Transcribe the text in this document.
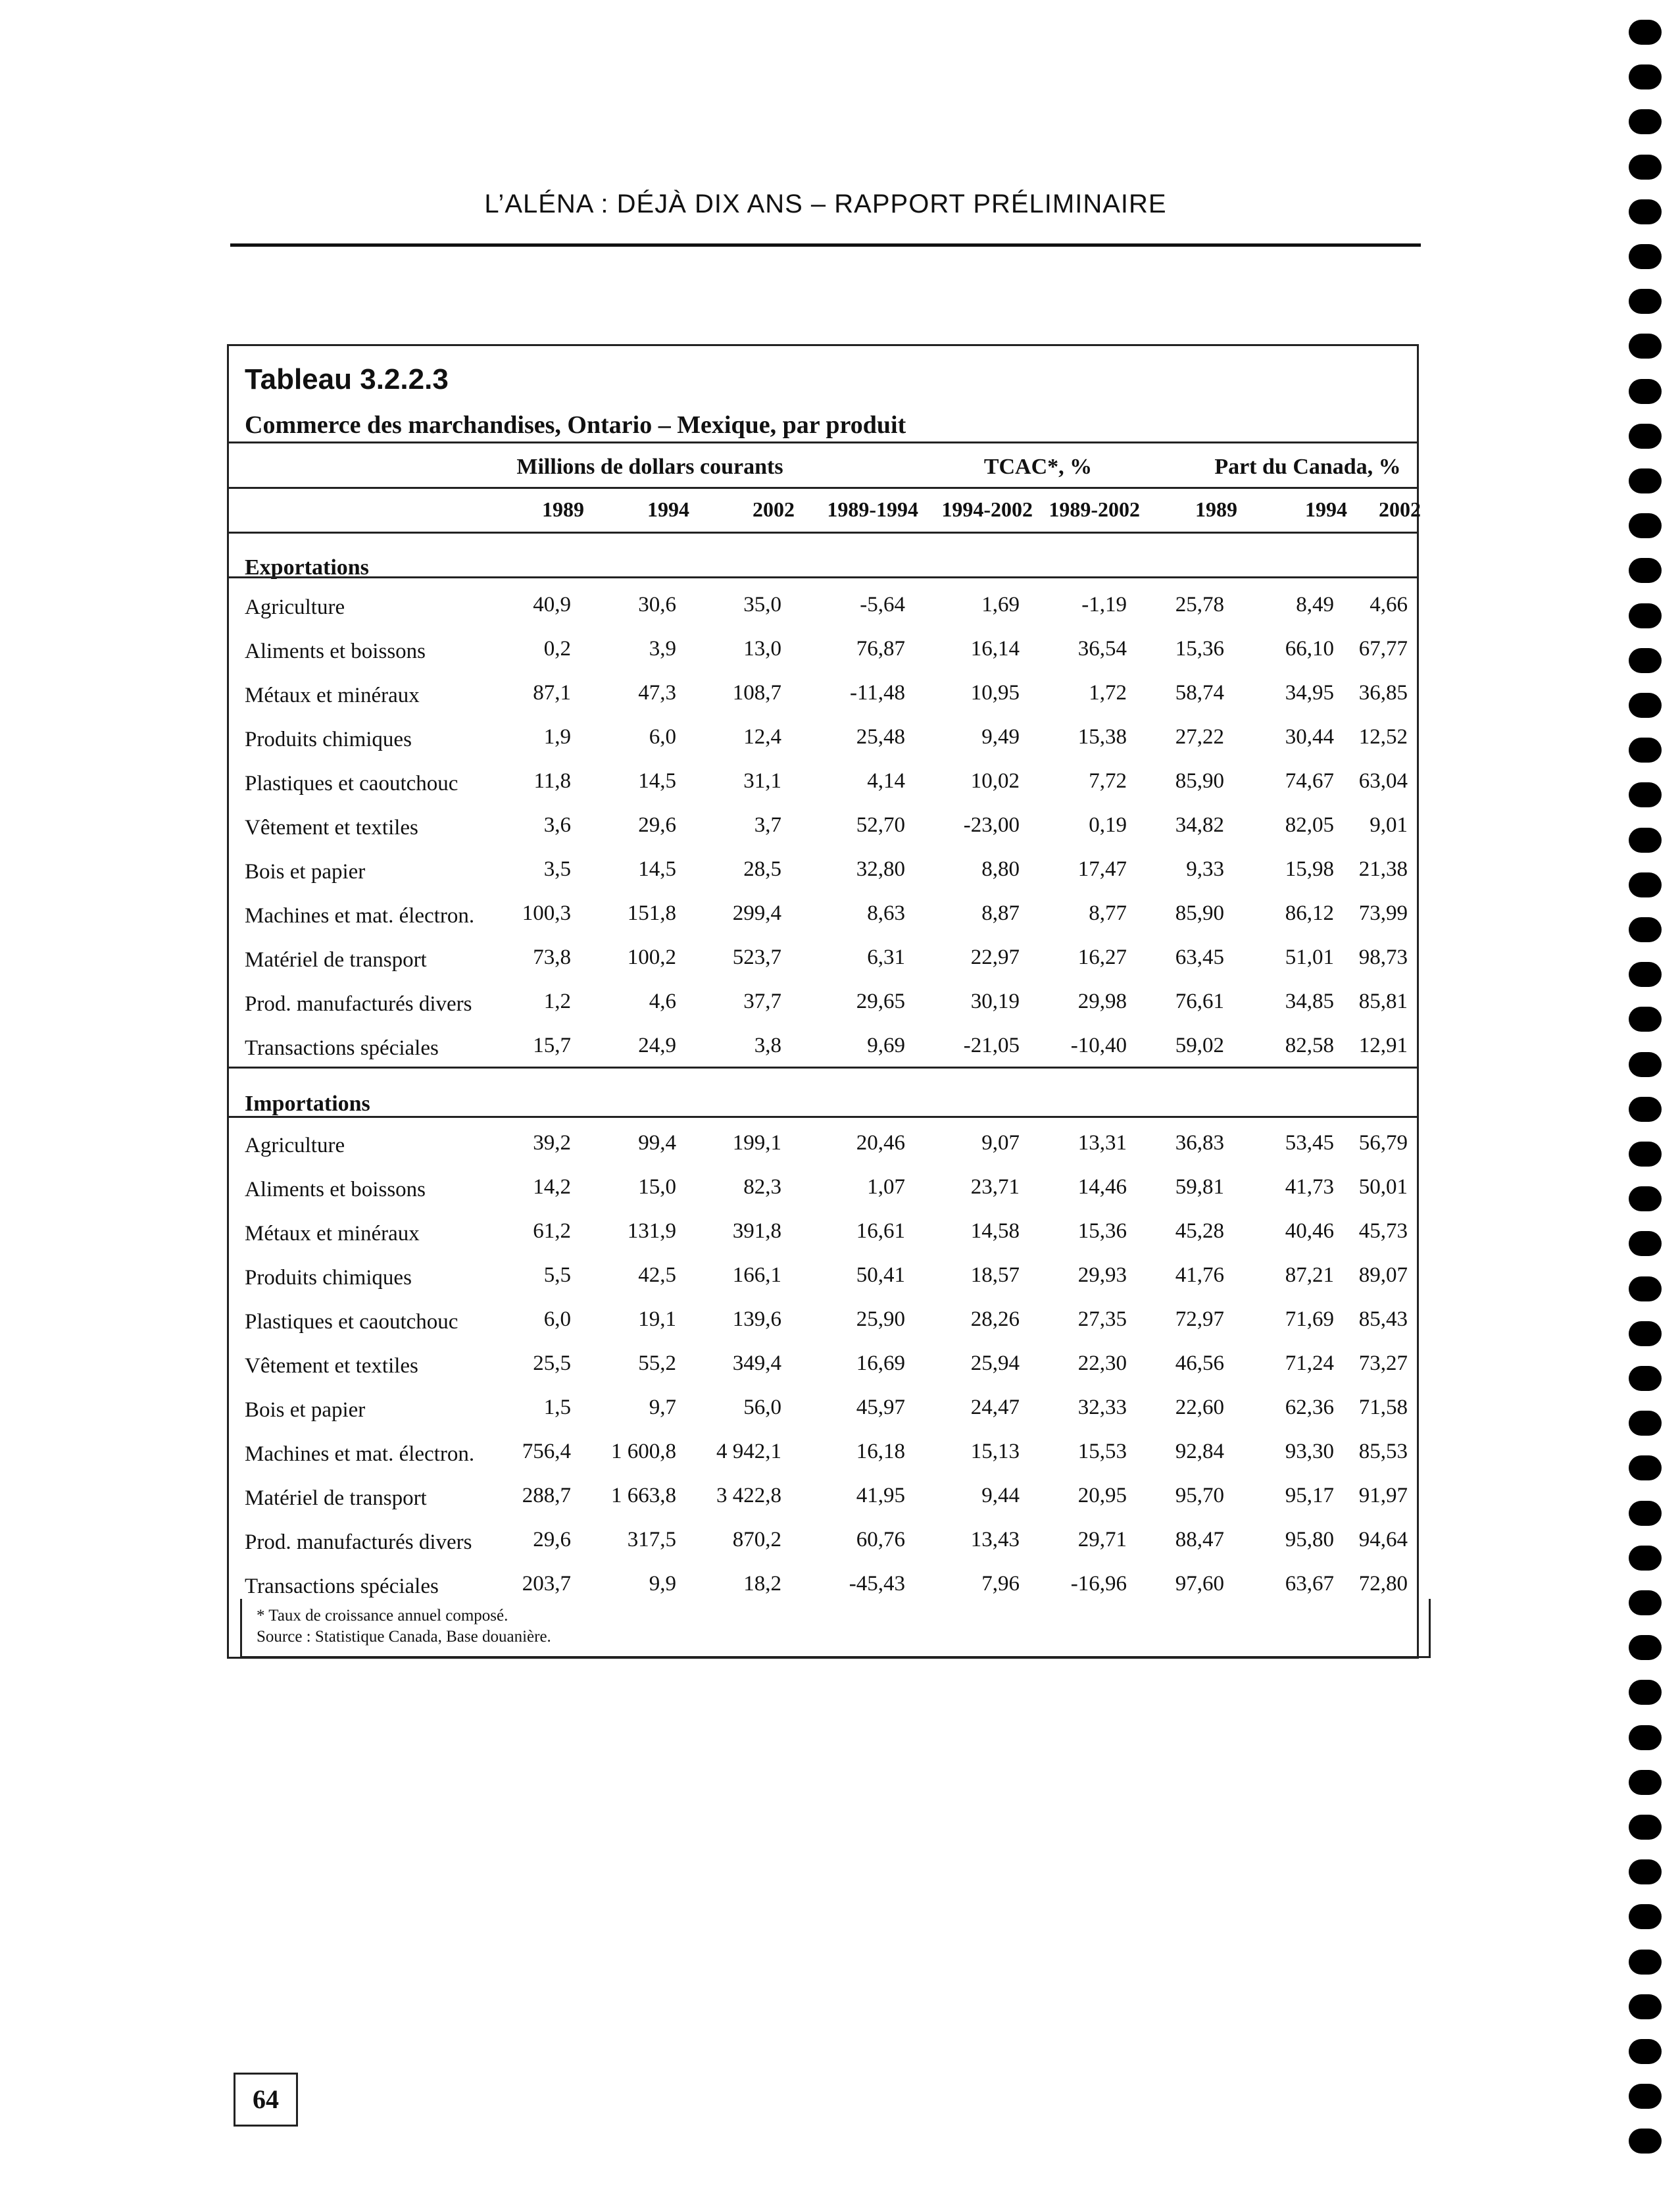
L’ALÉNA : DÉJÀ DIX ANS – RAPPORT PRÉLIMINAIRE
Tableau 3.2.2.3
Commerce des marchandises, Ontario – Mexique, par produit
Millions de dollars courants	TCAC*, %	Part du Canada, %
1989	1994	2002	1989-1994	1994-2002 1989-2002	1989	1994	2002
Exportations
Agriculture	40,9	30,6	35,0	-5,64	1,69	-1,19	25,78	8,49	4,66
Aliments et boissons	0,2	3,9	13,0	76,87	16,14	36,54	15,36	66,10	67,77
Métaux et minéraux	87,1	47,3	108,7	-11,48	10,95	1,72	58,74	34,95	36,85
Produits chimiques	1,9	6,0	12,4	25,48	9,49	15,38	27,22	30,44	12,52
Plastiques et caoutchouc	11,8	14,5	31,1	4,14	10,02	7,72	85,90	74,67	63,04
Vêtement et textiles	3,6	29,6	3,7	52,70	-23,00	0,19	34,82	82,05	9,01
Bois et papier	3,5	14,5	28,5	32,80	8,80	17,47	9,33	15,98	21,38
Machines et mat. électron.	100,3	151,8	299,4	8,63	8,87	8,77	85,90	86,12	73,99
Matériel de transport	73,8	100,2	523,7	6,31	22,97	16,27	63,45	51,01	98,73
Prod. manufacturés divers	1,2	4,6	37,7	29,65	30,19	29,98	76,61	34,85	85,81
Transactions spéciales	15,7	24,9	3,8	9,69	-21,05	-10,40	59,02	82,58	12,91
Importations
Agriculture	39,2	99,4	199,1	20,46	9,07	13,31	36,83	53,45	56,79
Aliments et boissons	14,2	15,0	82,3	1,07	23,71	14,46	59,81	41,73	50,01
Métaux et minéraux	61,2	131,9	391,8	16,61	14,58	15,36	45,28	40,46	45,73
Produits chimiques	5,5	42,5	166,1	50,41	18,57	29,93	41,76	87,21	89,07
Plastiques et caoutchouc	6,0	19,1	139,6	25,90	28,26	27,35	72,97	71,69	85,43
Vêtement et textiles	25,5	55,2	349,4	16,69	25,94	22,30	46,56	71,24	73,27
Bois et papier	1,5	9,7	56,0	45,97	24,47	32,33	22,60	62,36	71,58
Machines et mat. électron.	756,4	1 600,8	4 942,1	16,18	15,13	15,53	92,84	93,30	85,53
Matériel de transport	288,7	1 663,8	3 422,8	41,95	9,44	20,95	95,70	95,17	91,97
Prod. manufacturés divers	29,6	317,5	870,2	60,76	13,43	29,71	88,47	95,80	94,64
Transactions spéciales	203,7	9,9	18,2	-45,43	7,96	-16,96	97,60	63,67	72,80
* Taux de croissance annuel composé.
Source : Statistique Canada, Base douanière.
64
